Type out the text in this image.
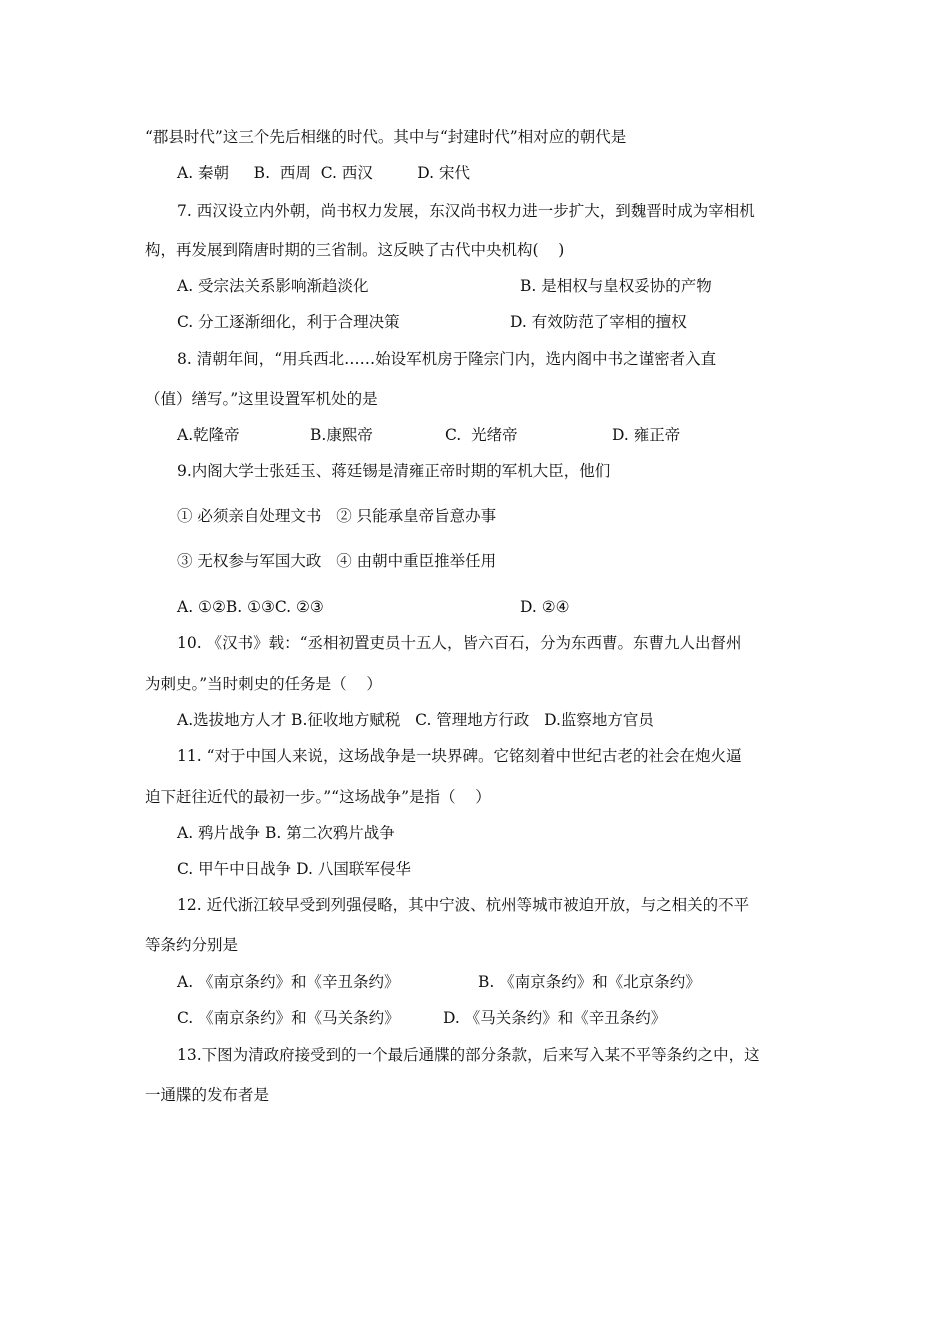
“郡县时代”这三个先后相继的时代。其中与“封建时代”相对应的朝代是
A. 秦朝     B.  西周  C. 西汉         D. 宋代
7. 西汉设立内外朝，尚书权力发展，东汉尚书权力进一步扩大，到魏晋时成为宰相机
构，再发展到隋唐时期的三省制。这反映了古代中央机构(    )
A. 受宗法关系影响渐趋淡化	B. 是相权与皇权妥协的产物
C. 分工逐渐细化，利于合理决策	D. 有效防范了宰相的擅权
8. 清朝年间，“用兵西北……始设军机房于隆宗门内，选内阁中书之谨密者入直
（值）缮写。”这里设置军机处的是
A.乾隆帝	B.康熙帝	C.  光绪帝	D. 雍正帝
9.内阁大学士张廷玉、蒋廷锡是清雍正帝时期的军机大臣，他们
① 必须亲自处理文书   ② 只能承皇帝旨意办事
③ 无权参与军国大政   ④ 由朝中重臣推举任用
A. ①②B. ①③C. ②③	D. ②④
10. 《汉书》载：“丞相初置吏员十五人，皆六百石，分为东西曹。东曹九人出督州
为刺史。”当时刺史的任务是（    ）
A.选拔地方人才 B.征收地方赋税   C. 管理地方行政   D.监察地方官员
11. “对于中国人来说，这场战争是一块界碑。它铭刻着中世纪古老的社会在炮火逼
迫下赶往近代的最初一步。”“这场战争”是指（    ）
A. 鸦片战争 B. 第二次鸦片战争
C. 甲午中日战争 D. 八国联军侵华
12. 近代浙江较早受到列强侵略，其中宁波、杭州等城市被迫开放，与之相关的不平
等条约分别是
A. 《南京条约》和《辛丑条约》	B. 《南京条约》和《北京条约》
C. 《南京条约》和《马关条约》	D. 《马关条约》和《辛丑条约》
13.下图为清政府接受到的一个最后通牒的部分条款，后来写入某不平等条约之中，这
一通牒的发布者是
